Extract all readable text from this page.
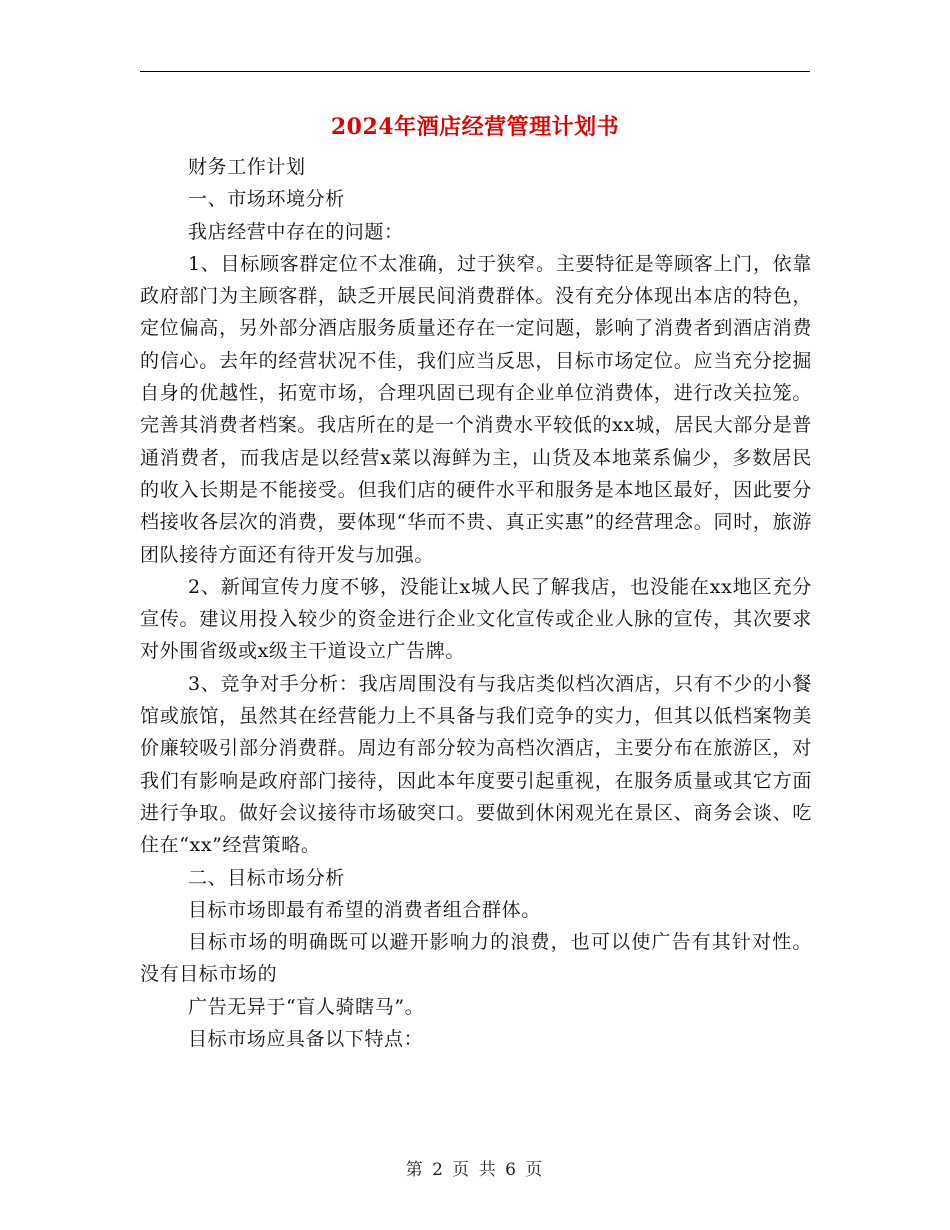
2024年酒店经营管理计划书

财务工作计划

一、市场环境分析

我店经营中存在的问题：

1、目标顾客群定位不太准确，过于狭窄。主要特征是等顾客上门，依靠政府部门为主顾客群，缺乏开展民间消费群体。没有充分体现出本店的特色，定位偏高，另外部分酒店服务质量还存在一定问题，影响了消费者到酒店消费的信心。去年的经营状况不佳，我们应当反思，目标市场定位。应当充分挖掘自身的优越性，拓宽市场，合理巩固已现有企业单位消费体，进行改关拉笼。完善其消费者档案。我店所在的是一个消费水平较低的xx城，居民大部分是普通消费者，而我店是以经营x菜以海鲜为主，山货及本地菜系偏少，多数居民的收入长期是不能接受。但我们店的硬件水平和服务是本地区最好，因此要分档接收各层次的消费，要体现“华而不贵、真正实惠”的经营理念。同时，旅游团队接待方面还有待开发与加强。

2、新闻宣传力度不够，没能让x城人民了解我店，也没能在xx地区充分宣传。建议用投入较少的资金进行企业文化宣传或企业人脉的宣传，其次要求对外围省级或x级主干道设立广告牌。

3、竞争对手分析：我店周围没有与我店类似档次酒店，只有不少的小餐馆或旅馆，虽然其在经营能力上不具备与我们竞争的实力，但其以低档案物美价廉较吸引部分消费群。周边有部分较为高档次酒店，主要分布在旅游区，对我们有影响是政府部门接待，因此本年度要引起重视，在服务质量或其它方面进行争取。做好会议接待市场破突口。要做到休闲观光在景区、商务会谈、吃住在“xx”经营策略。

二、目标市场分析

目标市场即最有希望的消费者组合群体。

目标市场的明确既可以避开影响力的浪费，也可以使广告有其针对性。没有目标市场的

广告无异于“盲人骑瞎马”。

目标市场应具备以下特点：

第 2 页 共 6 页
